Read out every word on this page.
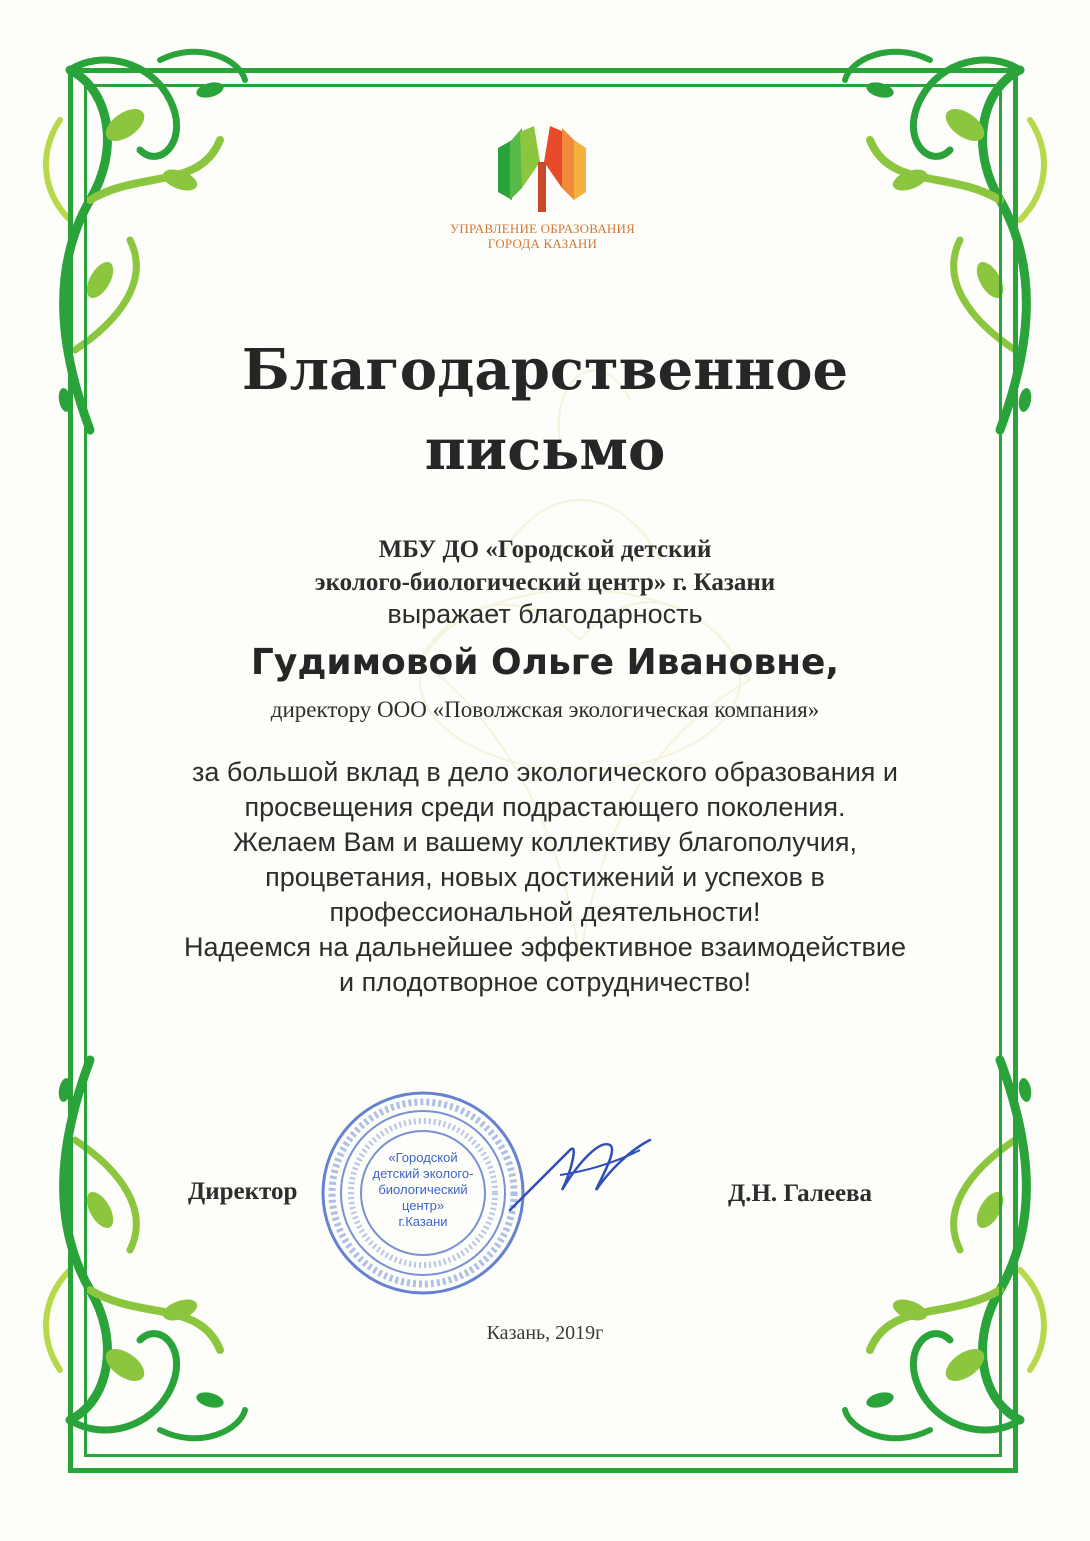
УПРАВЛЕНИЕ ОБРАЗОВАНИЯ
ГОРОДА КАЗАНИ
Благодарственное
письмо
МБУ ДО «Городской детский
эколого-биологический центр» г. Казани
выражает благодарность
Гудимовой Ольге Ивановне,
директору ООО «Поволжская экологическая компания»
за большой вклад в дело экологического образования и
просвещения среди подрастающего поколения.
Желаем Вам и вашему коллективу благополучия,
процветания, новых достижений и успехов в
профессиональной деятельности!
Надеемся на дальнейшее эффективное взаимодействие
и плодотворное сотрудничество!
Директор
«Городской
детский эколого-
биологический
центр»
г.Казани
Д.Н. Галеева
Казань, 2019г
